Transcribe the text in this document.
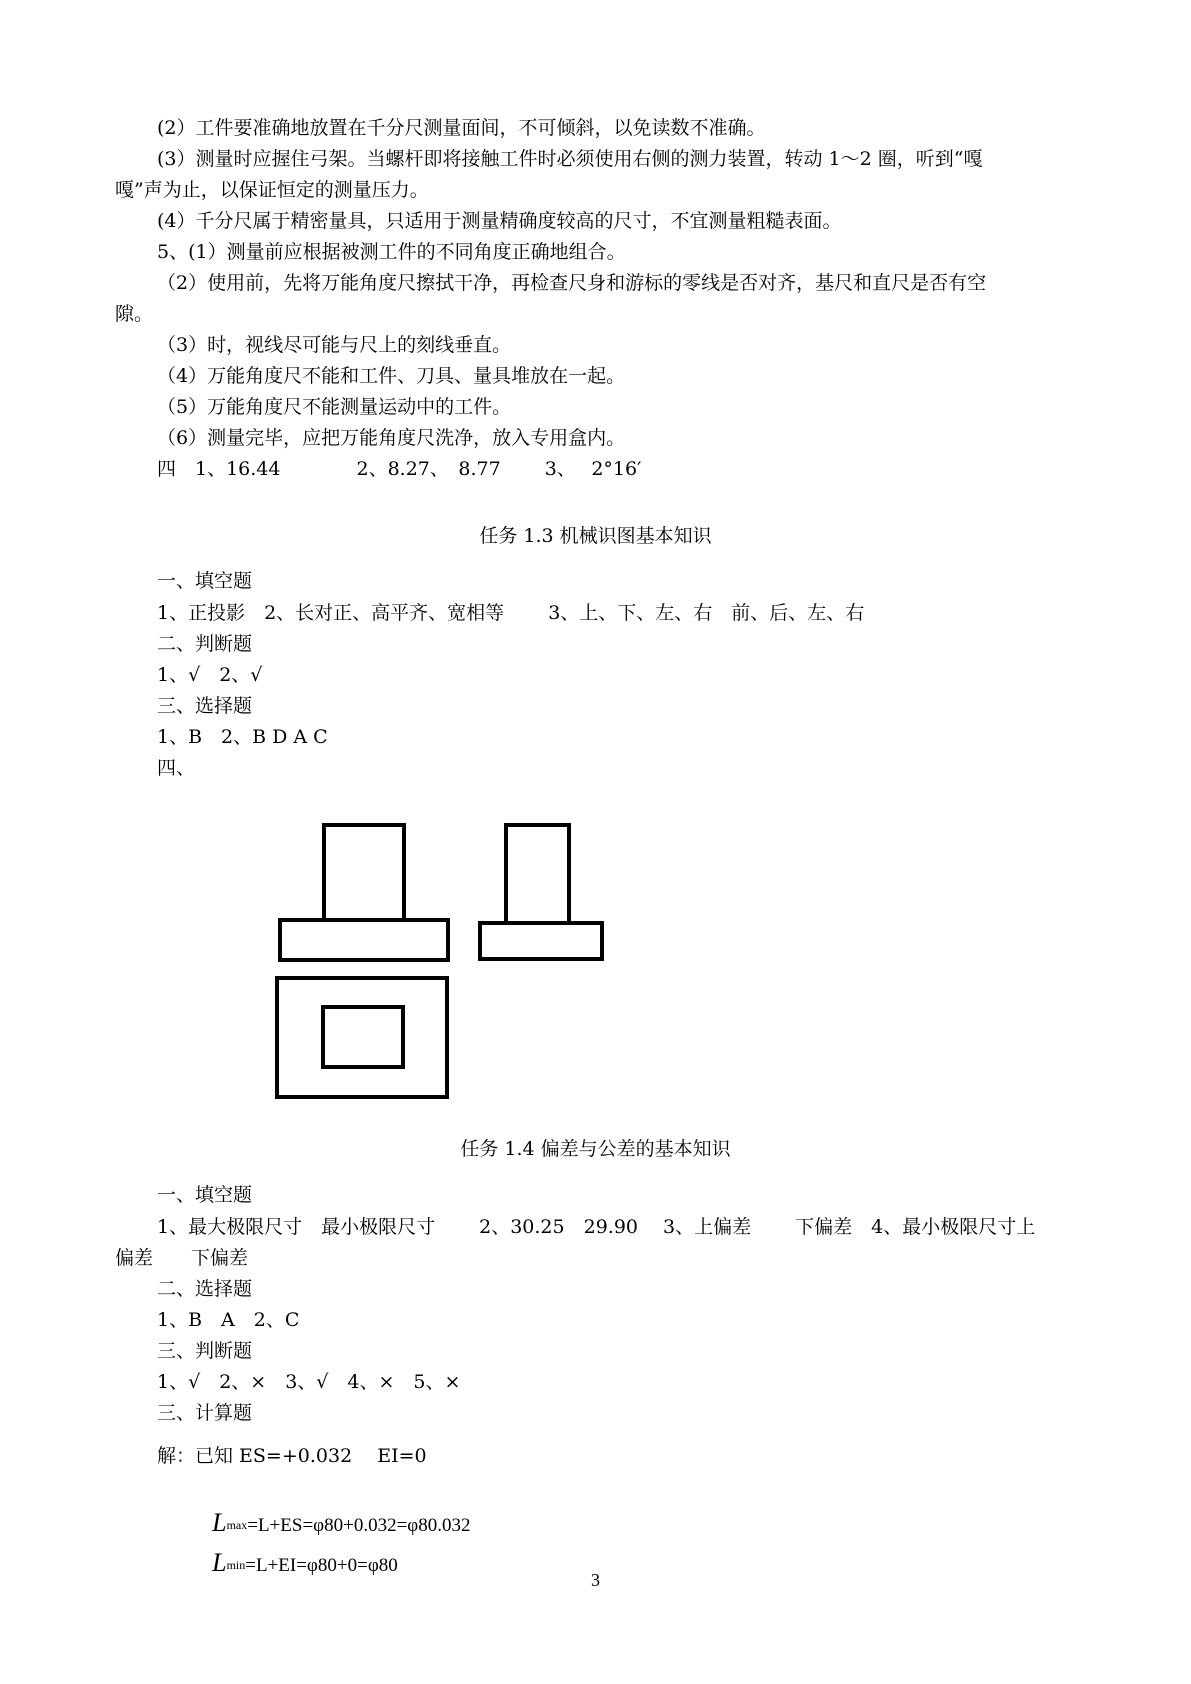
(2）工件要准确地放置在千分尺测量面间，不可倾斜，以免读数不准确。
(3）测量时应握住弓架。当螺杆即将接触工件时必须使用右侧的测力装置，转动 1～2 圈，听到“嘎
嘎”声为止，以保证恒定的测量压力。
(4）千分尺属于精密量具，只适用于测量精确度较高的尺寸，不宜测量粗糙表面。
5、(1）测量前应根据被测工件的不同角度正确地组合。
（2）使用前，先将万能角度尺擦拭干净，再检查尺身和游标的零线是否对齐，基尺和直尺是否有空
隙。
（3）时，视线尽可能与尺上的刻线垂直。
（4）万能角度尺不能和工件、刀具、量具堆放在一起。
（5）万能角度尺不能测量运动中的工件。
（6）测量完毕，应把万能角度尺洗净，放入专用盒内。
四　1、16.44　　　　2、8.27、　8.77　　 3、　 2°16′
任务 1.3 机械识图基本知识
一、填空题
1、正投影　2、长对正、高平齐、宽相等　　 3、上、下、左、右　前、后、左、右
二、判断题
1、√　2、√
三、选择题
1、B　2、B D A C
四、
任务 1.4 偏差与公差的基本知识
一、填空题
1、最大极限尺寸　最小极限尺寸　　 2、30.25　29.90　 3、上偏差　　 下偏差　4、最小极限尺寸上
偏差　　下偏差
二、选择题
1、B　A　2、C
三、判断题
1、√　2、×　3、√　4、×　5、×
三、计算题
解：已知 ES=+0.032　 EI=0

Lmax=L+ES=φ80+0.032=φ80.032

Lmin=L+EI=φ80+0=φ80

3
